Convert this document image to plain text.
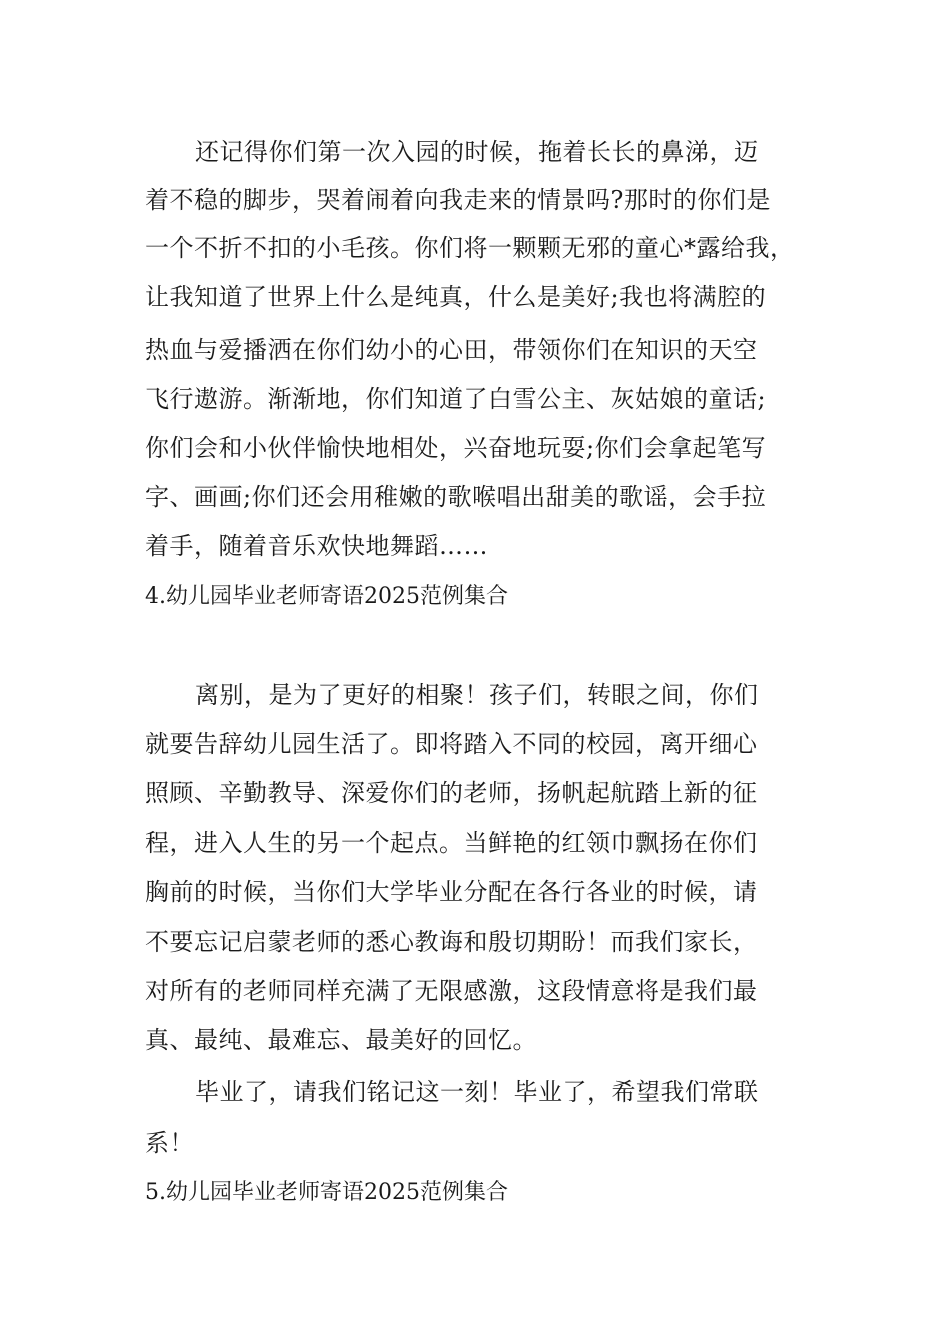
还记得你们第一次入园的时候，拖着长长的鼻涕，迈
着不稳的脚步，哭着闹着向我走来的情景吗?那时的你们是
一个不折不扣的小毛孩。你们将一颗颗无邪的童心*露给我，
让我知道了世界上什么是纯真，什么是美好;我也将满腔的
热血与爱播洒在你们幼小的心田，带领你们在知识的天空
飞行遨游。渐渐地，你们知道了白雪公主、灰姑娘的童话;
你们会和小伙伴愉快地相处，兴奋地玩耍;你们会拿起笔写
字、画画;你们还会用稚嫩的歌喉唱出甜美的歌谣，会手拉
着手，随着音乐欢快地舞蹈……
4.幼儿园毕业老师寄语2025范例集合
离别，是为了更好的相聚！孩子们，转眼之间，你们
就要告辞幼儿园生活了。即将踏入不同的校园，离开细心
照顾、辛勤教导、深爱你们的老师，扬帆起航踏上新的征
程，进入人生的另一个起点。当鲜艳的红领巾飘扬在你们
胸前的时候，当你们大学毕业分配在各行各业的时候，请
不要忘记启蒙老师的悉心教诲和殷切期盼！而我们家长，
对所有的老师同样充满了无限感激，这段情意将是我们最
真、最纯、最难忘、最美好的回忆。
毕业了，请我们铭记这一刻！毕业了，希望我们常联
系！
5.幼儿园毕业老师寄语2025范例集合
